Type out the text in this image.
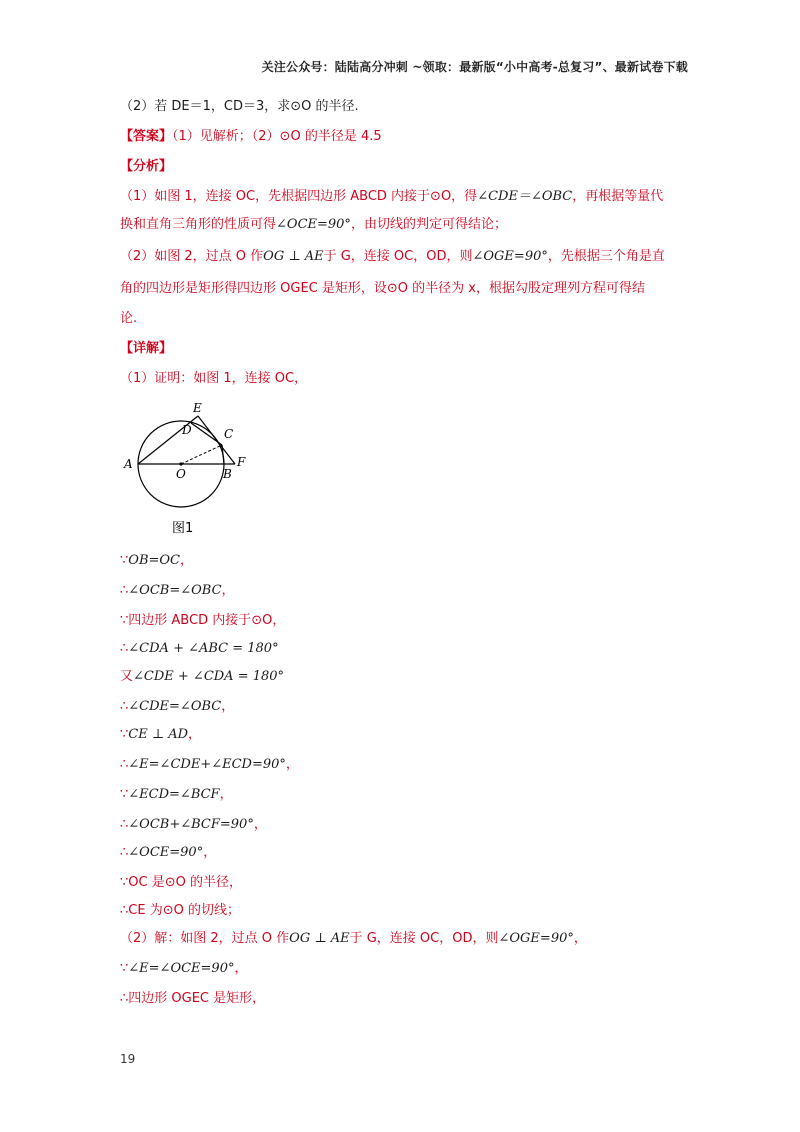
关注公众号：陆陆高分冲刺 ~领取：最新版“小中高考-总复习”、最新试卷下载
（2）若 DE＝1，CD＝3，求⊙O 的半径.
【答案】（1）见解析；（2）⊙O 的半径是 4.5
【分析】
（1）如图 1，连接 OC，先根据四边形 ABCD 内接于⊙O，得∠CDE＝∠OBC，再根据等量代
换和直角三角形的性质可得∠OCE=90°，由切线的判定可得结论；
（2）如图 2，过点 O 作OG ⊥ AE于 G，连接 OC，OD，则∠OGE=90°，先根据三个角是直
角的四边形是矩形得四边形 OGEC 是矩形，设⊙O 的半径为 x，根据勾股定理列方程可得结
论.
【详解】
（1）证明：如图 1，连接 OC，
A
O	B
F
C
D
E
图1
∵OB=OC，
∴∠OCB=∠OBC，
∵四边形 ABCD 内接于⊙O，
∴∠CDA + ∠ABC = 180°
又∠CDE + ∠CDA = 180°
∴∠CDE=∠OBC，
∵CE ⊥ AD，
∴∠E=∠CDE+∠ECD=90°，
∵∠ECD=∠BCF，
∴∠OCB+∠BCF=90°，
∴∠OCE=90°，
∵OC 是⊙O 的半径，
∴CE 为⊙O 的切线；
（2）解：如图 2，过点 O 作OG ⊥ AE于 G，连接 OC，OD，则∠OGE=90°，
∵∠E=∠OCE=90°，
∴四边形 OGEC 是矩形，
19
